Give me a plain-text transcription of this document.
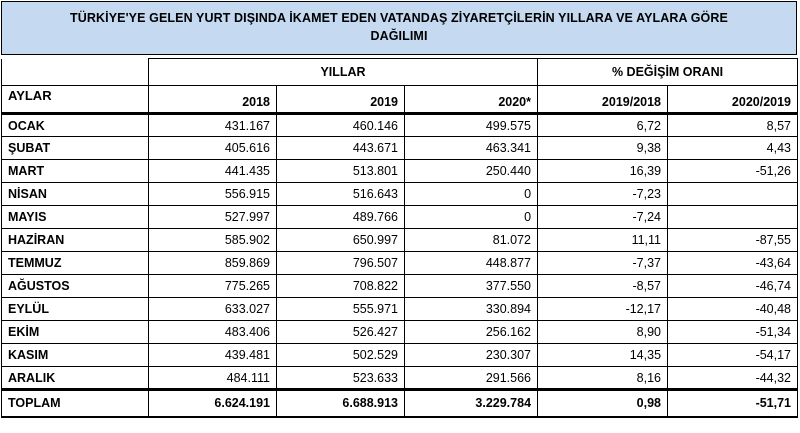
TÜRKİYE'YE GELEN YURT DIŞINDA İKAMET EDEN VATANDAŞ ZİYARETÇİLERİN YILLARA VE AYLARA GÖRE DAĞILIMI
	YILLAR			% DEĞİŞİM ORANI	
AYLAR	2018	2019	2020*	2019/2018	2020/2019
OCAK	431.167	460.146	499.575	6,72	8,57
ŞUBAT	405.616	443.671	463.341	9,38	4,43
MART	441.435	513.801	250.440	16,39	-51,26
NİSAN	556.915	516.643	0	-7,23	
MAYIS	527.997	489.766	0	-7,24	
HAZİRAN	585.902	650.997	81.072	11,11	-87,55
TEMMUZ	859.869	796.507	448.877	-7,37	-43,64
AĞUSTOS	775.265	708.822	377.550	-8,57	-46,74
EYLÜL	633.027	555.971	330.894	-12,17	-40,48
EKİM	483.406	526.427	256.162	8,90	-51,34
KASIM	439.481	502.529	230.307	14,35	-54,17
ARALIK	484.111	523.633	291.566	8,16	-44,32
TOPLAM	6.624.191	6.688.913	3.229.784	0,98	-51,71
